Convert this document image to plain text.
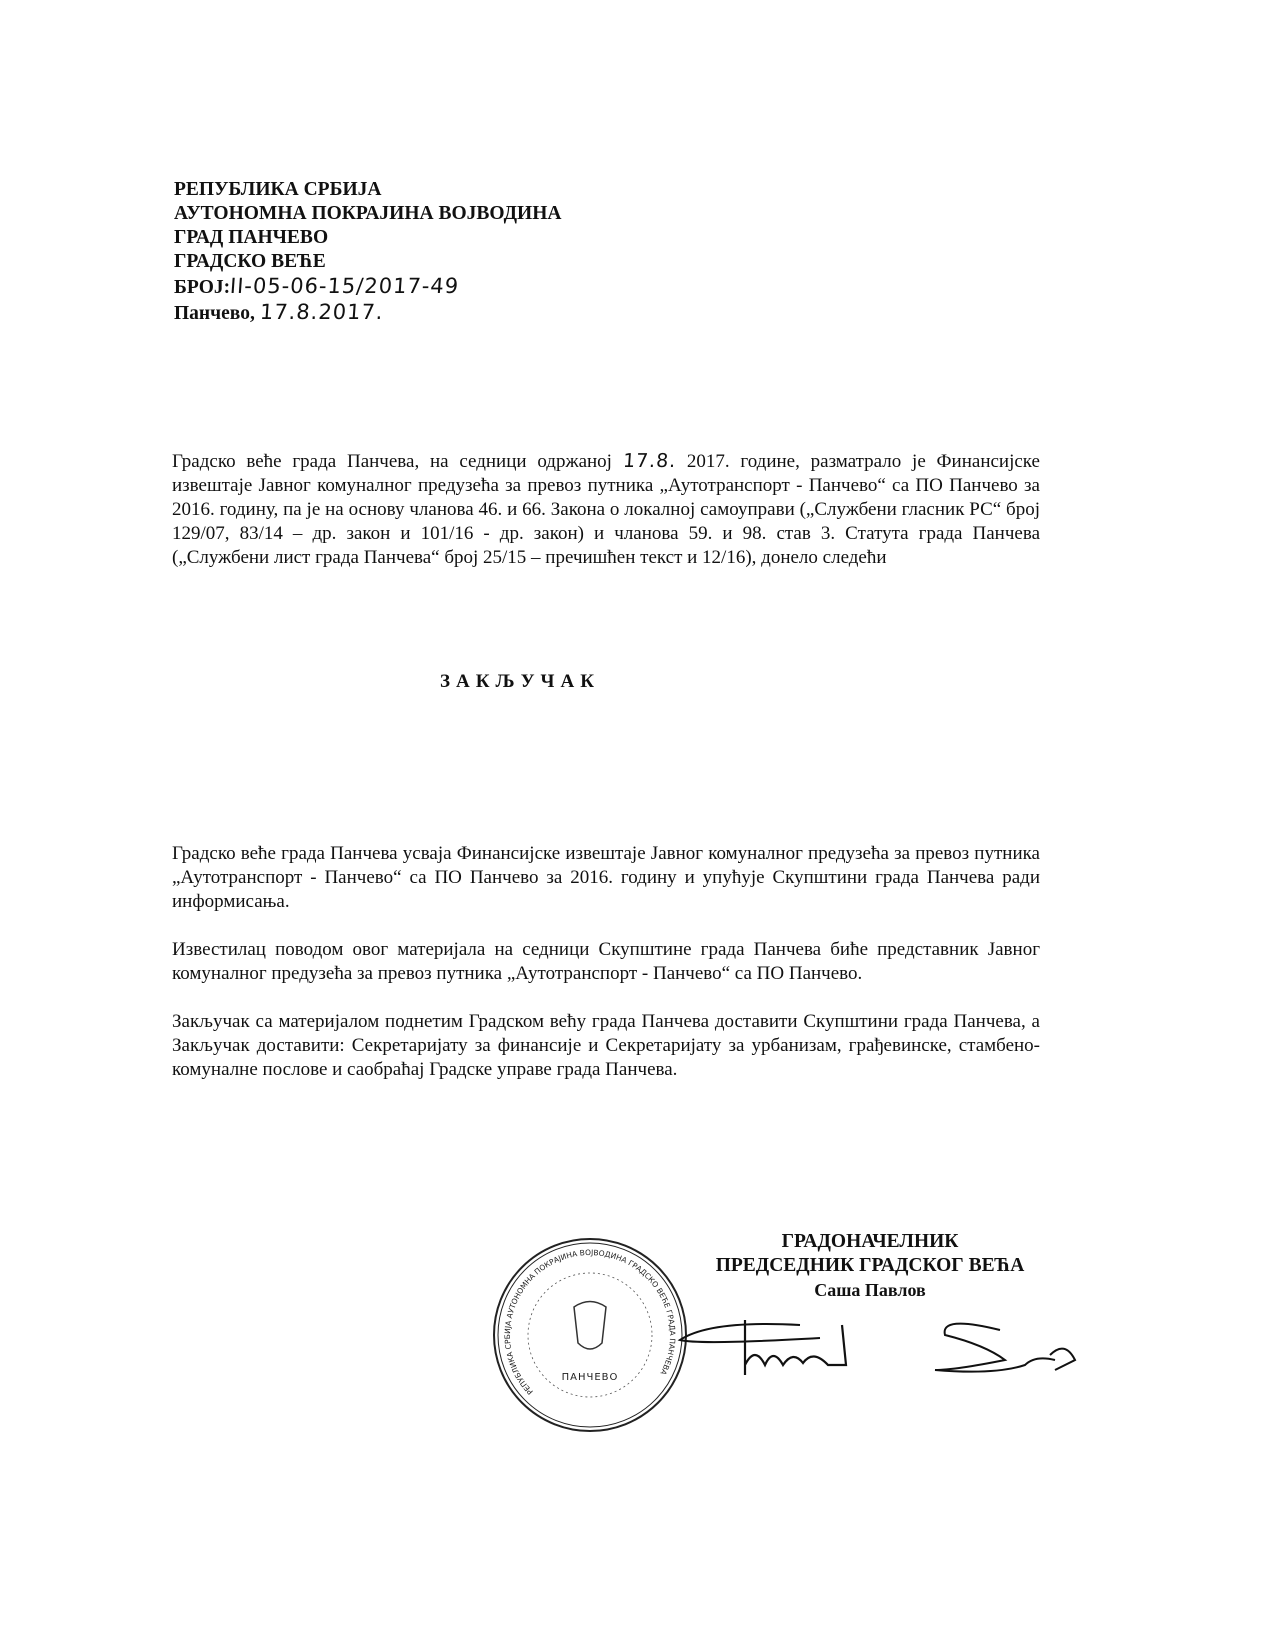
РЕПУБЛИКА СРБИЈА
АУТОНОМНА ПОКРАЈИНА ВОЈВОДИНА
ГРАД ПАНЧЕВО
ГРАДСКО ВЕЋЕ
БРОЈ:II-05-06-15/2017-49
Панчево, 17.8.2017.

Градско веће града Панчева, на седници одржаној 17.8. 2017. године, разматрало је Финансијске извештаје Јавног комуналног предузећа за превоз путника „Аутотранспорт - Панчево“ са ПО Панчево за 2016. годину, па је на основу чланова 46. и 66. Закона о локалној самоуправи („Службени гласник РС“ број 129/07, 83/14 – др. закон и 101/16 - др. закон) и чланова 59. и 98. став 3. Статута града Панчева („Службени лист града Панчева“ број 25/15 – пречишћен текст и 12/16), донело следећи

ЗАКЉУЧАК

Градско веће града Панчева усваја Финансијске извештаје Јавног комуналног предузећа за превоз путника „Аутотранспорт - Панчево“ са ПО Панчево за 2016. годину и упућује Скупштини града Панчева ради информисања.

Известилац поводом овог материјала на седници Скупштине града Панчева биће представник Јавног комуналног предузећа за превоз путника „Аутотранспорт - Панчево“ са ПО Панчево.

Закључак са материјалом поднетим Градском већу града Панчева доставити Скупштини града Панчева, а Закључак доставити: Секретаријату за финансије и Секретаријату за урбанизам, грађевинске, стамбено-комуналне послове и саобраћај Градске управе града Панчева.

РЕПУБЛИКА СРБИЈА АУТОНОМНА ПОКРАЈИНА ВОЈВОДИНА ГРАДСКО ВЕЋЕ ГРАДА ПАНЧЕВА
ПАНЧЕВО
ГРАДОНАЧЕЛНИК
ПРЕДСЕДНИК ГРАДСКОГ ВЕЋА
Саша Павлов
